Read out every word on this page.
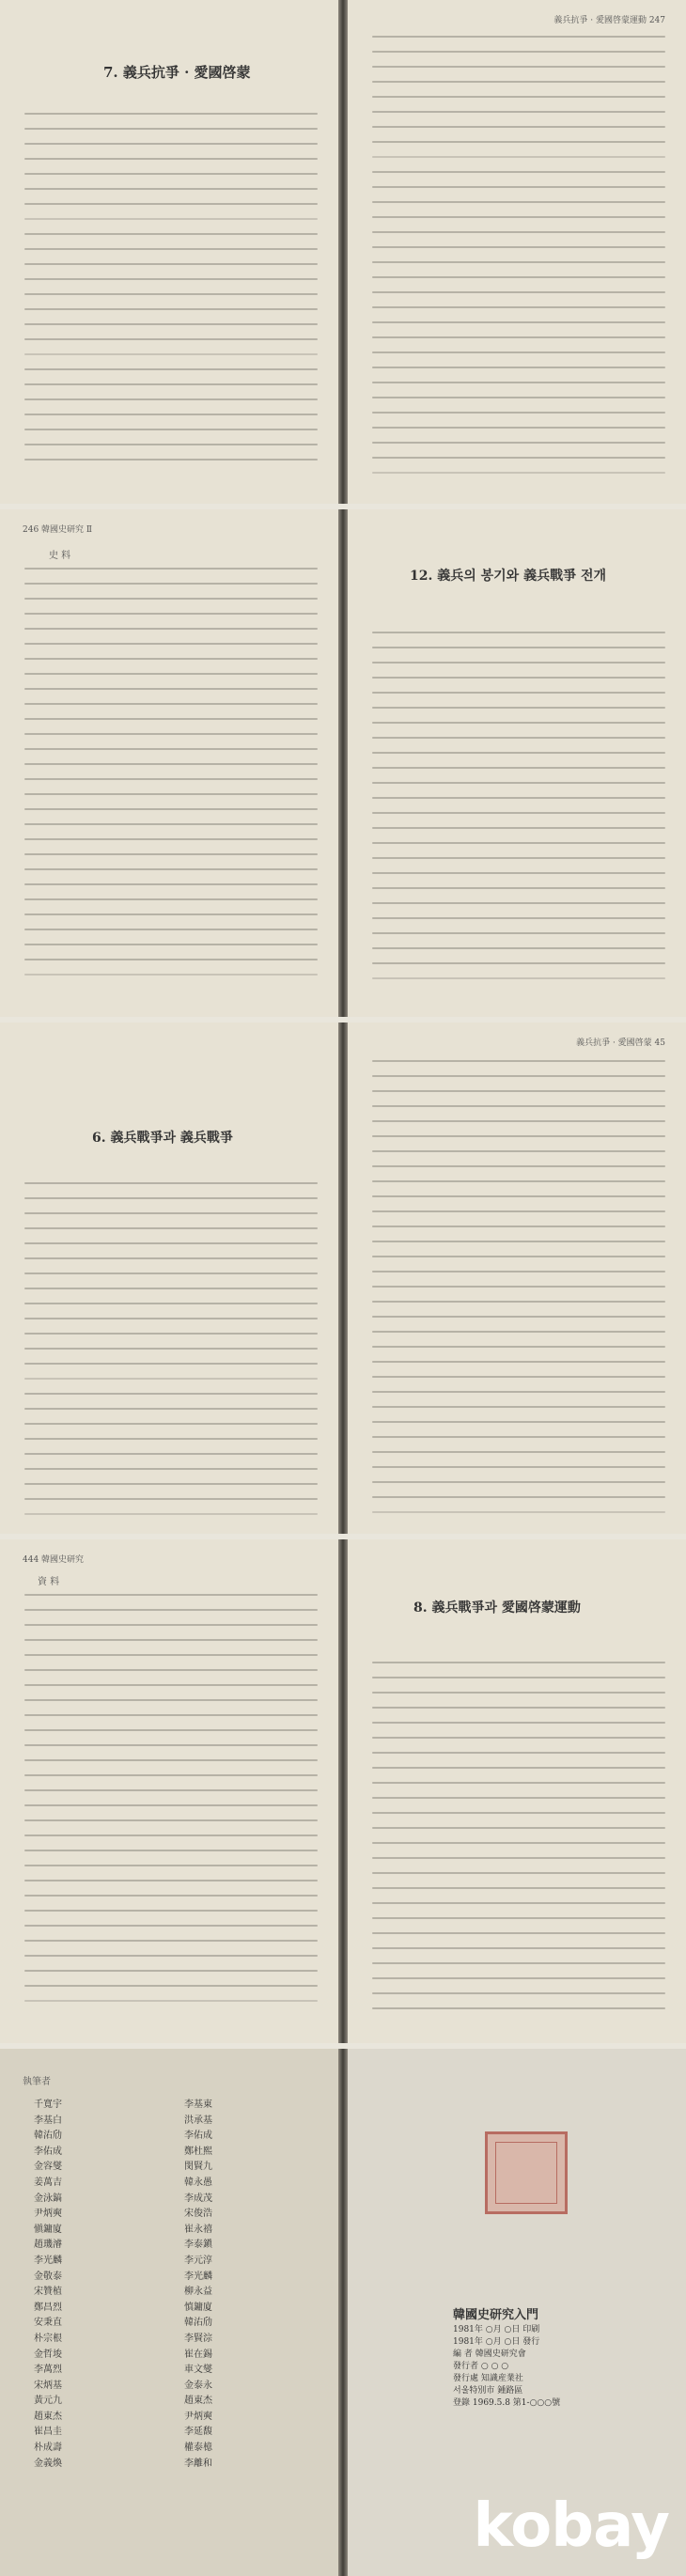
7. 義兵抗爭 · 愛國啓蒙
義兵抗爭 · 愛國啓蒙運動 247
246 韓國史研究 Ⅱ
史 料
12. 義兵의 봉기와 義兵戰爭 전개
6. 義兵戰爭과 義兵戰爭
義兵抗爭 · 愛國啓蒙 45
444 韓國史研究
資 料
8. 義兵戰爭과 愛國啓蒙運動
執筆者
千寬宇
李基白
韓㳓劤
李佑成
金容燮
姜萬吉
金泳鎬
尹炳奭
愼鏞廈
趙璣濬
李光麟
金敬泰
宋贊植
鄭昌烈
安秉直
朴宗根
金哲埈
李萬烈
宋炳基
黃元九
趙東杰
崔昌圭
朴成壽
金義煥
李基東
洪承基
李佑成
鄭杜熙
閔賢九
韓永愚
李成茂
宋俊浩
崔永禧
李泰鎭
李元淳
李光麟
柳永益
慎鏞廈
韓㳓劤
李賢淙
崔在錫
車文燮
金泰永
趙東杰
尹炳奭
李延馥
權泰檍
李離和
韓國史研究入門
1981年 ○月 ○日 印刷
1981年 ○月 ○日 發行
編 者 韓國史研究會
發行者 ○ ○ ○
發行處 知識産業社
서울特別市 鍾路區
登錄 1969.5.8 第1-○○○號
kobay
